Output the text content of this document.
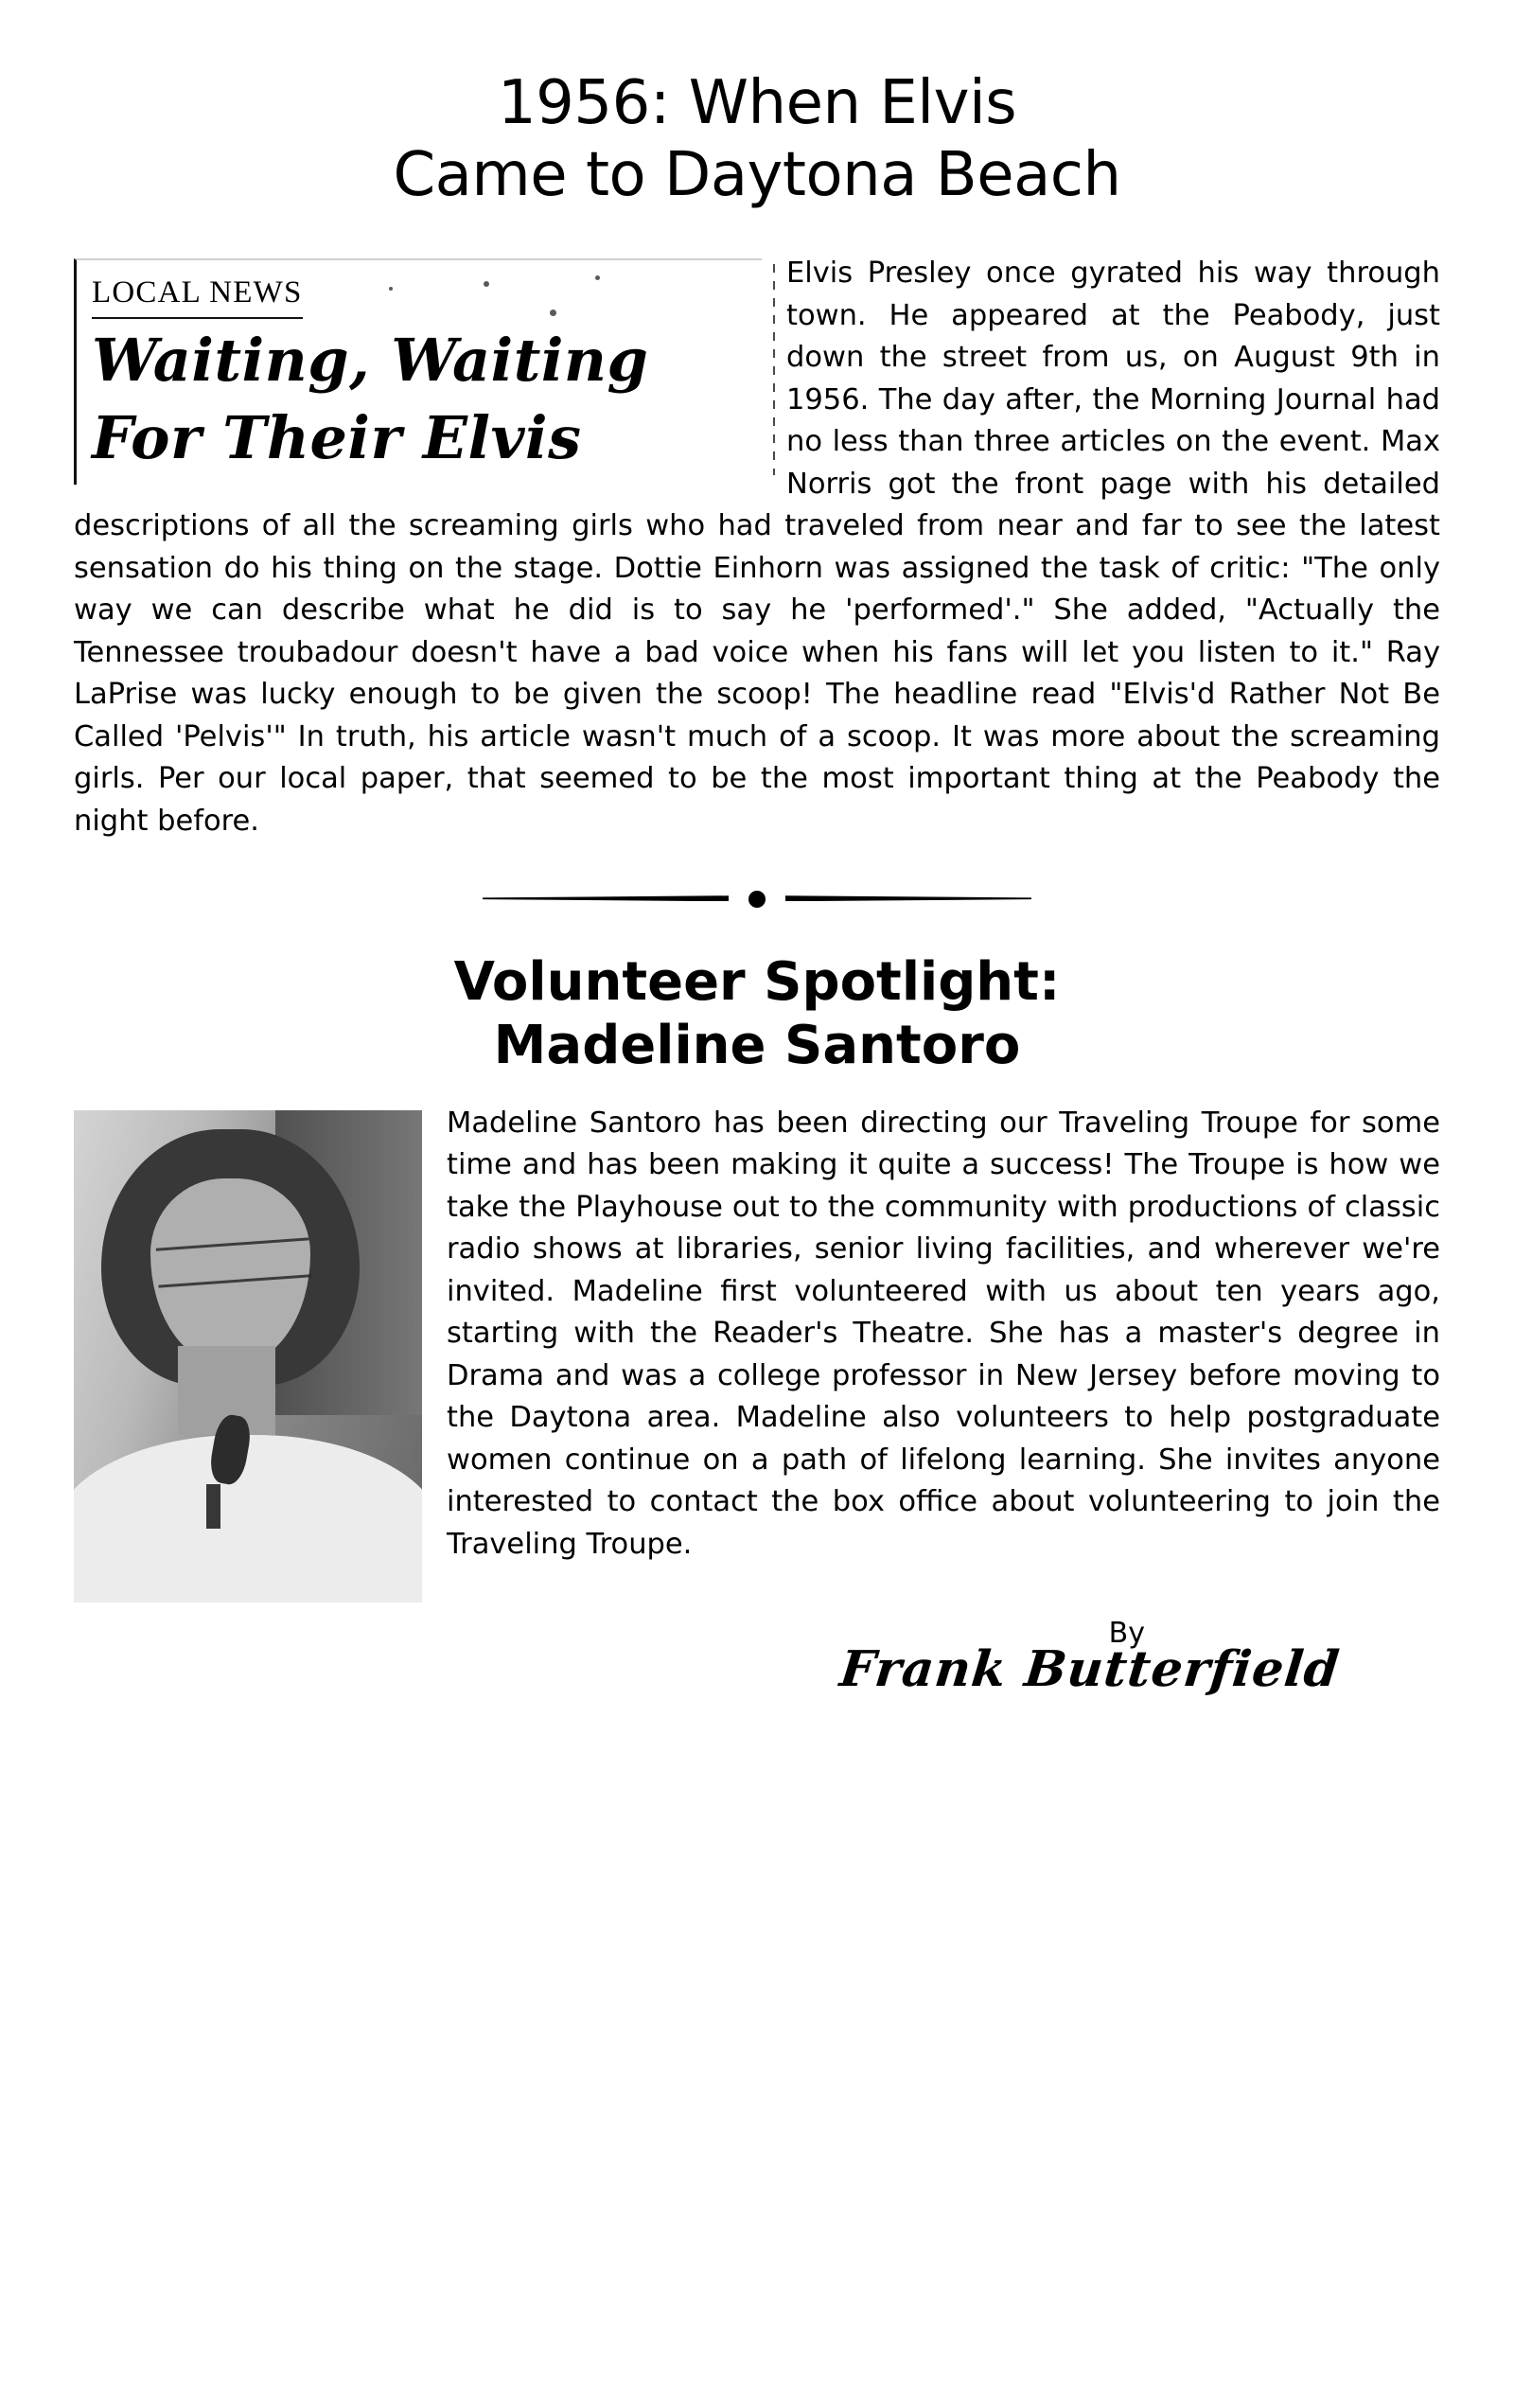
1956: When Elvis
Came to Daytona Beach
LOCAL NEWS
Waiting, Waiting
For Their Elvis

Elvis Presley once gyrated his way through town. He appeared at the Peabody, just down the street from us, on August 9th in 1956. The day after, the Morning Journal had no less than three articles on the event. Max Norris got the front page with his detailed descriptions of all the screaming girls who had traveled from near and far to see the latest sensation do his thing on the stage. Dottie Einhorn was assigned the task of critic: "The only way we can describe what he did is to say he 'performed'." She added, "Actually the Tennessee troubadour doesn't have a bad voice when his fans will let you listen to it." Ray LaPrise was lucky enough to be given the scoop! The headline read "Elvis'd Rather Not Be Called 'Pelvis'" In truth, his article wasn't much of a scoop. It was more about the screaming girls. Per our local paper, that seemed to be the most important thing at the Peabody the night before.

Volunteer Spotlight:
Madeline Santoro

Madeline Santoro has been directing our Traveling Troupe for some time and has been making it quite a success! The Troupe is how we take the Playhouse out to the community with productions of classic radio shows at libraries, senior living facilities, and wherever we're invited. Madeline first volunteered with us about ten years ago, starting with the Reader's Theatre. She has a master's degree in Drama and was a college professor in New Jersey before moving to the Daytona area. Madeline also volunteers to help postgraduate women continue on a path of lifelong learning. She invites anyone interested to contact the box office about volunteering to join the Traveling Troupe.

By
Frank Butterfield
